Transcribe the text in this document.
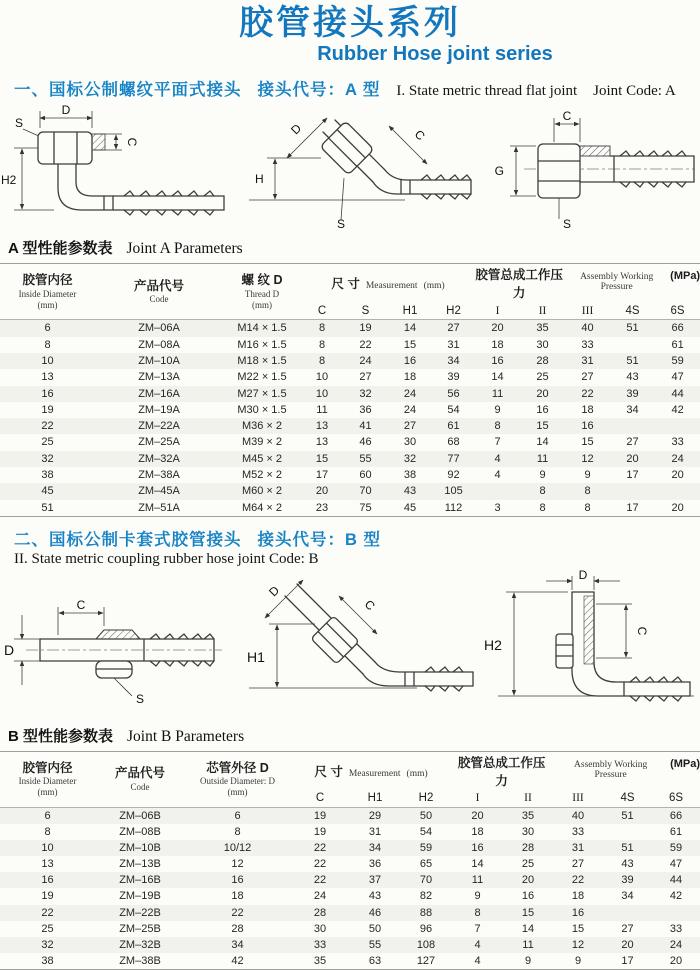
胶管接头系列
Rubber Hose joint series
一、国标公制螺纹平面式接头 接头代号：A 型 I. State metric thread flat joint Joint Code: A
D
S
C
H2
D	C
H
S
C
G
S
A 型性能参数表 Joint A Parameters
胶管内径
Inside Diameter
(mm)	产品代号
Code	螺 纹 D
Thread D
(mm)	尺 寸 Measurement (mm)				胶管总成工作压力
Assembly Working Pressure
(MPa)				

			C	S	H1	H2	I	II	III	4S	6S
6	ZM–06A	M14 × 1.5	8	19	14	27	20	35	40	51	66
8	ZM–08A	M16 × 1.5	8	22	15	31	18	30	33		61
10	ZM–10A	M18 × 1.5	8	24	16	34	16	28	31	51	59
13	ZM–13A	M22 × 1.5	10	27	18	39	14	25	27	43	47
16	ZM–16A	M27 × 1.5	10	32	24	56	11	20	22	39	44
19	ZM–19A	M30 × 1.5	11	36	24	54	9	16	18	34	42
22	ZM–22A	M36 × 2	13	41	27	61	8	15	16		
25	ZM–25A	M39 × 2	13	46	30	68	7	14	15	27	33
32	ZM–32A	M45 × 2	15	55	32	77	4	11	12	20	24
38	ZM–38A	M52 × 2	17	60	38	92	4	9	9	17	20
45	ZM–45A	M60 × 2	20	70	43	105		8	8		
51	ZM–51A	M64 × 2	23	75	45	112	3	8	8	17	20
二、国标公制卡套式胶管接头 接头代号：B 型
II. State metric coupling rubber hose joint Code: B
C
D
S
D
C
H1
D
C
H2
B 型性能参数表 Joint B Parameters
胶管内径
Inside Diameter
(mm)	产品代号
Code	芯管外径 D
Outside Diameter: D
(mm)	尺 寸 Measurement (mm)			胶管总成工作压力
Assembly Working Pressure
(MPa)				

			C	H1	H2	I	II	III	4S	6S
6	ZM–06B	6	19	29	50	20	35	40	51	66
8	ZM–08B	8	19	31	54	18	30	33		61
10	ZM–10B	10/12	22	34	59	16	28	31	51	59
13	ZM–13B	12	22	36	65	14	25	27	43	47
16	ZM–16B	16	22	37	70	11	20	22	39	44
19	ZM–19B	18	24	43	82	9	16	18	34	42
22	ZM–22B	22	28	46	88	8	15	16		
25	ZM–25B	28	30	50	96	7	14	15	27	33
32	ZM–32B	34	33	55	108	4	11	12	20	24
38	ZM–38B	42	35	63	127	4	9	9	17	20
